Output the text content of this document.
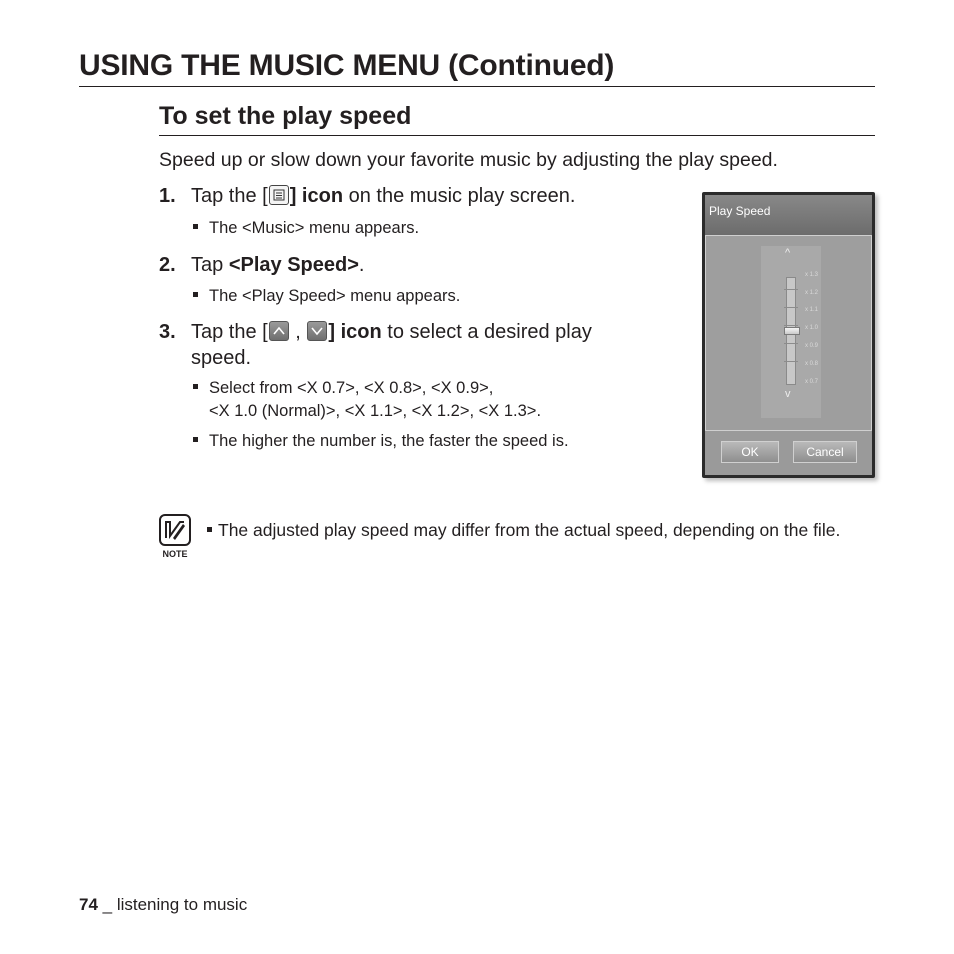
USING THE MUSIC MENU (Continued)
To set the play speed
Speed up or slow down your favorite music by adjusting the play speed.
1. Tap the [ ] icon on the music play screen.
The <Music> menu appears.
2. Tap <Play Speed>.
The <Play Speed> menu appears.
3. Tap the [
,
] icon to select a desired play
speed.
Select from <X 0.7>, <X 0.8>, <X 0.9>,
<X 1.0 (Normal)>, <X 1.1>, <X 1.2>, <X 1.3>.
The higher the number is, the faster the speed is.
Play Speed
^
x 1.3
x 1.2
x 1.1
x 1.0
x 0.9
x 0.8
x 0.7
v
OK	Cancel
NOTE
The adjusted play speed may differ from the actual speed, depending on the file.
74 _ listening to music
